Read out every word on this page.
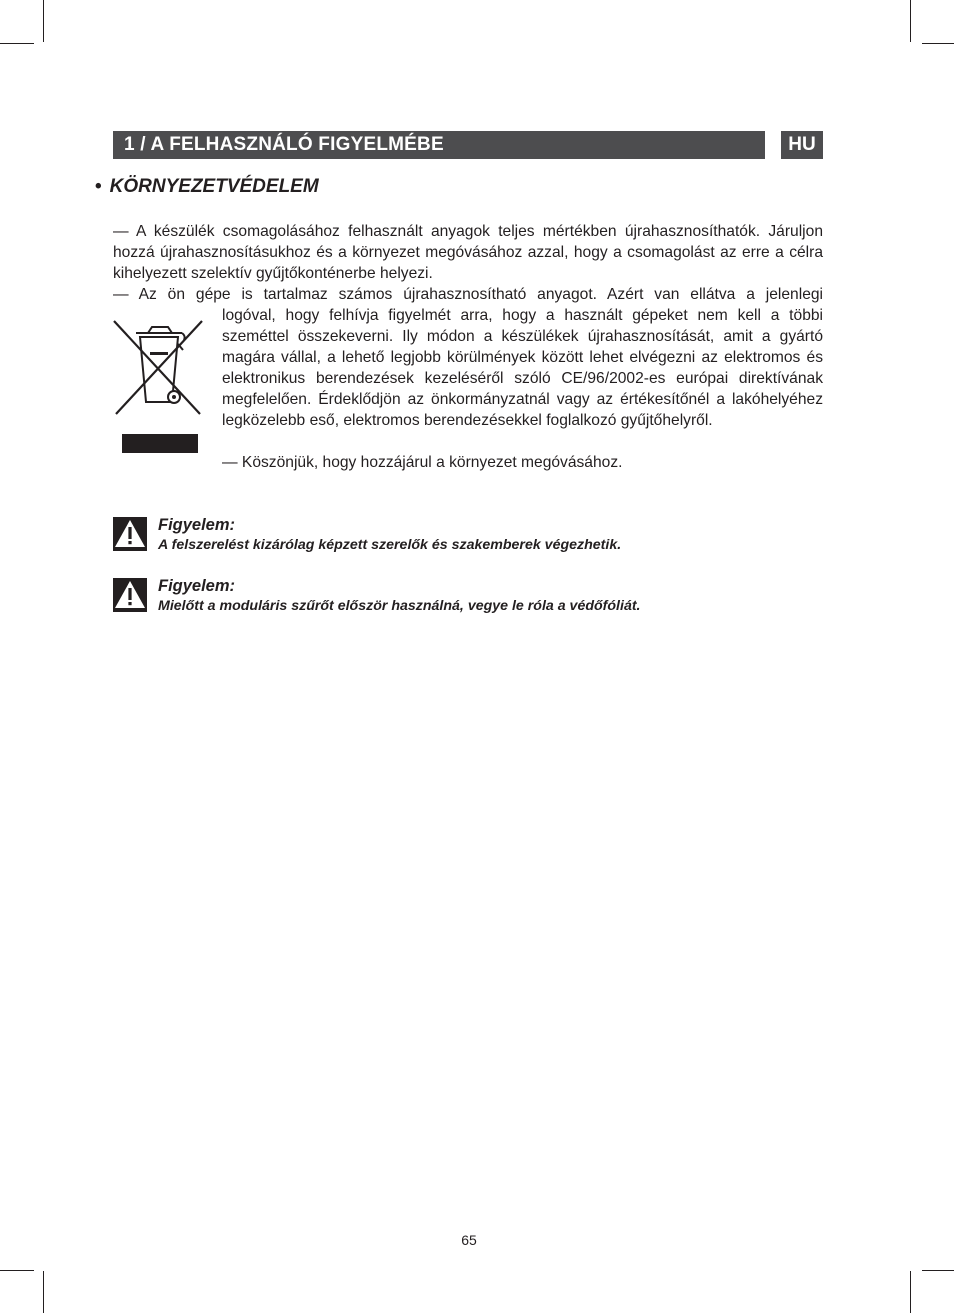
1 / A FELHASZNÁLÓ FIGYELMÉBE	HU
• KÖRNYEZETVÉDELEM

— A készülék csomagolásához felhasznált anyagok teljes mértékben újrahasznosíthatók. Járuljon hozzá újrahasznosításukhoz és a környezet megóvásához azzal, hogy a csomagolást az erre a célra kihelyezett szelektív gyűjtőkonténerbe helyezi.

— Az ön gépe is tartalmaz számos újrahasznosítható anyagot. Azért van ellátva a jelenlegi

logóval, hogy felhívja figyelmét arra, hogy a használt gépeket nem kell a többi szeméttel összekeverni. Ily módon a készülékek újrahasznosítását, amit a gyártó magára vállal, a lehető legjobb körülmények között lehet elvégezni az elektromos és elektronikus berendezések kezeléséről szóló CE/96/2002-es európai direktívának megfelelően. Érdeklődjön az önkormányzatnál vagy az értékesítőnél a lakóhelyéhez legközelebb eső, elektromos berendezésekkel foglalkozó gyűjtőhelyről.

— Köszönjük, hogy hozzájárul a környezet megóvásához.

Figyelem:
A felszerelést kizárólag képzett szerelők és szakemberek végezhetik.
Figyelem:
Mielőtt a moduláris szűrőt először használná, vegye le róla a védőfóliát.
65
